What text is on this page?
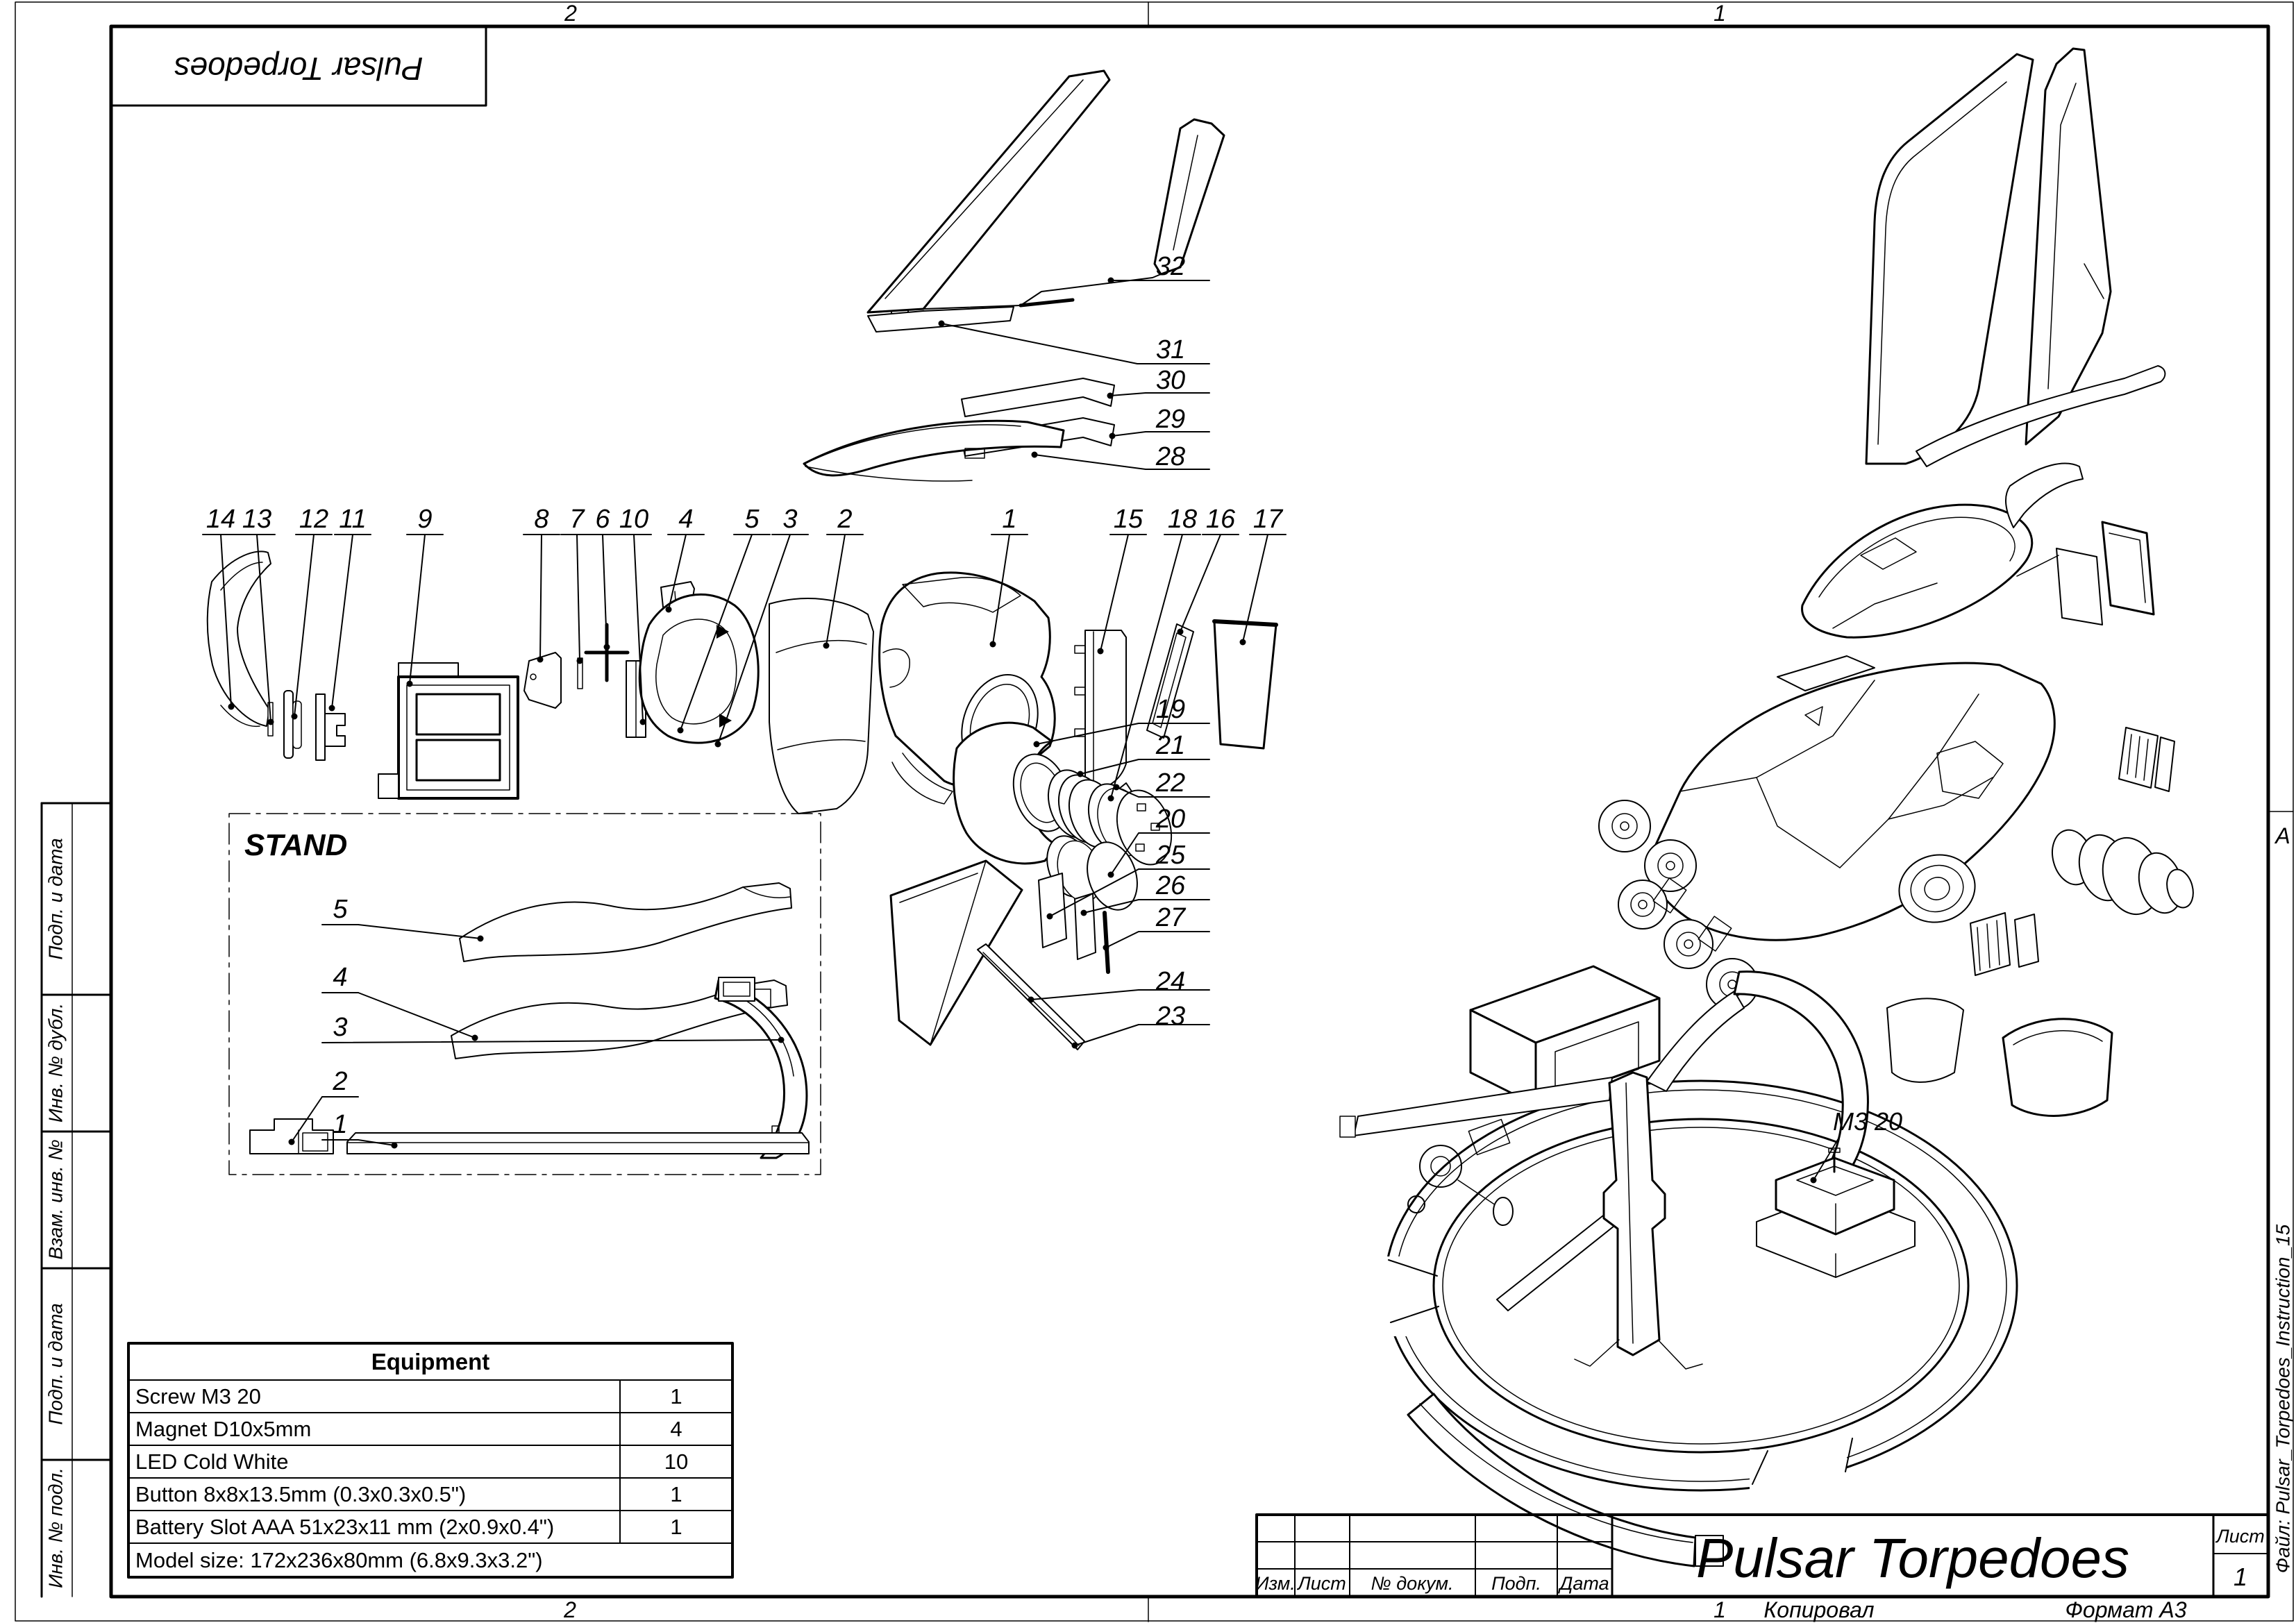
2	1
2	1
A
Копировал	Формат А3
Pulsar Torpedoes
Подп. и дата
Инв. № дубл.
Взам. инв. №
Подп. и дата
Инв. № подл.	Файл: Pulsar_Torpedoes_Instruction_15
14 13 12 11 9	8 7 6 10 4 5 3 2	1	15 18 16 17
32
31
30
29
28
19
21
22
20
25
26
27
24
23
STAND
5
4
3
2
1	M3 20
Equipment
Screw M3 20	1
Magnet D10x5mm	4
LED Cold White	10
Button 8x8x13.5mm (0.3x0.3x0.5")	1
Battery Slot AAA 51x23x11 mm (2x0.9x0.4")	1
Model size: 172x236x80mm (6.8x9.3x3.2")
Изм. Лист № докум. Подп. Дата Pulsar Torpedoes	Лист
1
